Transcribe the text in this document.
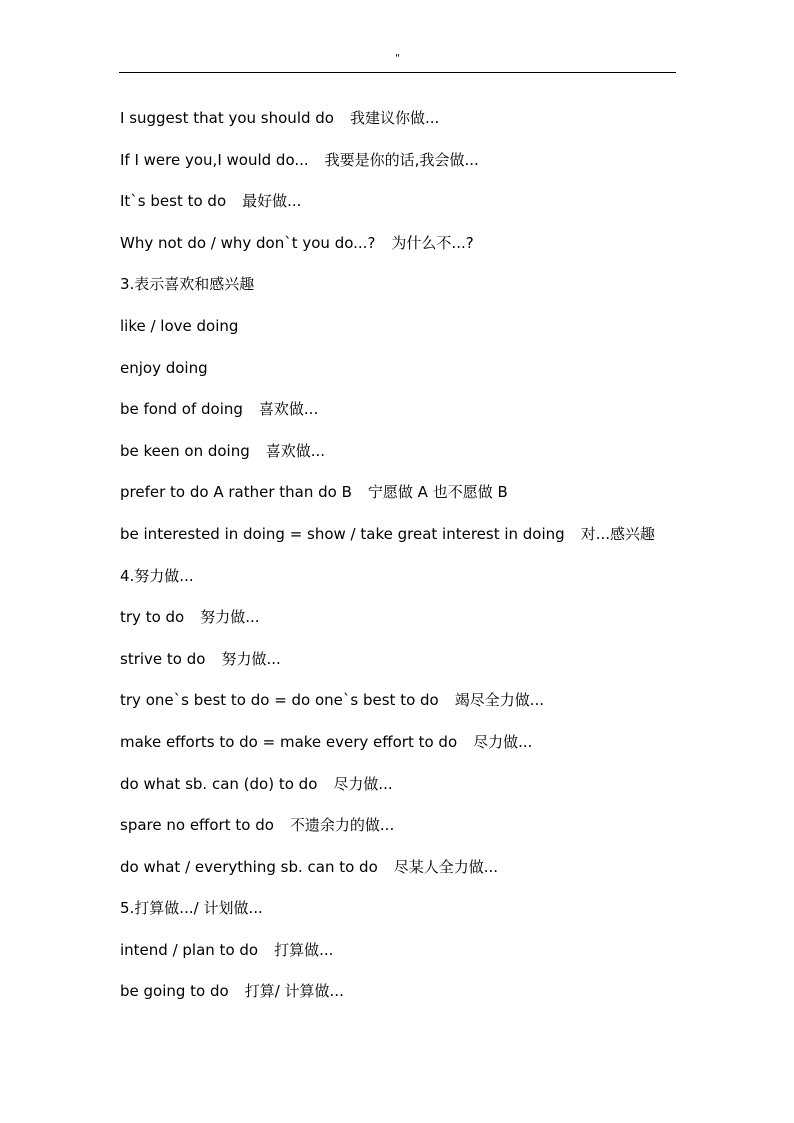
"
I suggest that you should do 我建议你做...
If I were you,I would do... 我要是你的话,我会做...
It`s best to do 最好做...
Why not do / why don`t you do...? 为什么不...?
3.表示喜欢和感兴趣
like / love doing
enjoy doing
be fond of doing 喜欢做...
be keen on doing 喜欢做...
prefer to do A rather than do B 宁愿做 A 也不愿做 B
be interested in doing = show / take great interest in doing 对...感兴趣
4.努力做...
try to do 努力做...
strive to do 努力做...
try one`s best to do = do one`s best to do 竭尽全力做...
make efforts to do = make every effort to do 尽力做...
do what sb. can (do) to do 尽力做...
spare no effort to do 不遗余力的做...
do what / everything sb. can to do 尽某人全力做...
5.打算做.../ 计划做...
intend / plan to do 打算做...
be going to do 打算/ 计算做...
